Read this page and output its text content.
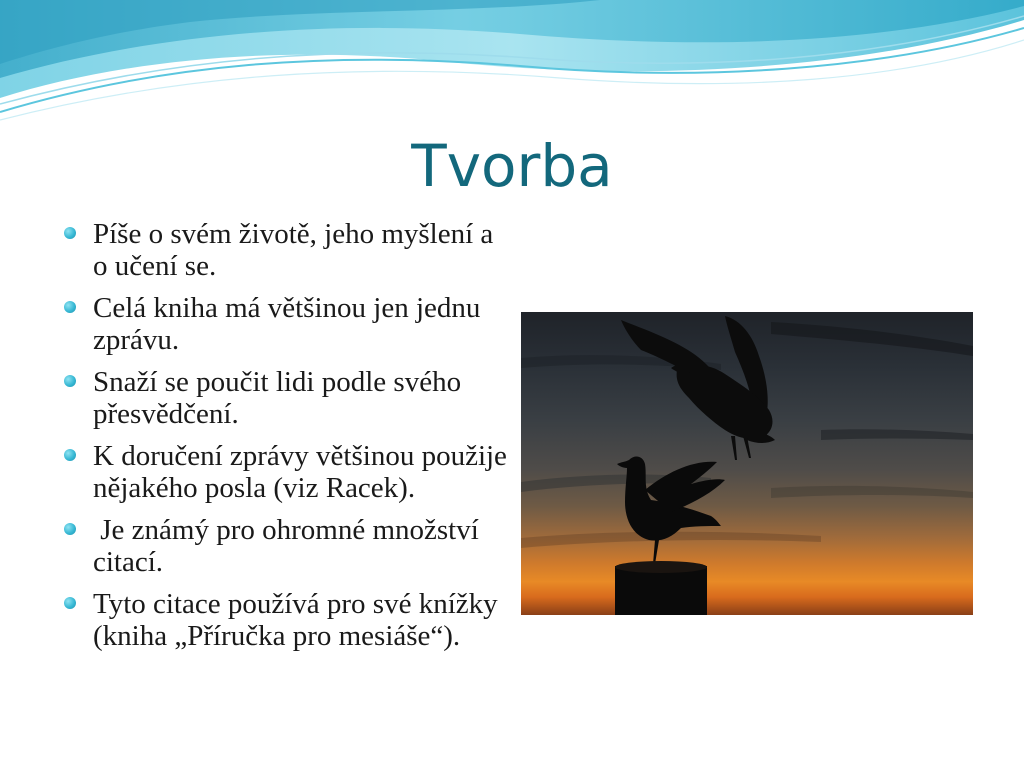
Tvorba
Píše o svém životě, jeho myšlení a o učení se.
Celá kniha má většinou jen jednu zprávu.
Snaží se poučit lidi podle svého přesvědčení.
K doručení zprávy většinou použije nějakého posla (viz Racek).
Je známý pro ohromné množství citací.
Tyto citace používá pro své knížky (kniha „Příručka pro mesiáše“).
